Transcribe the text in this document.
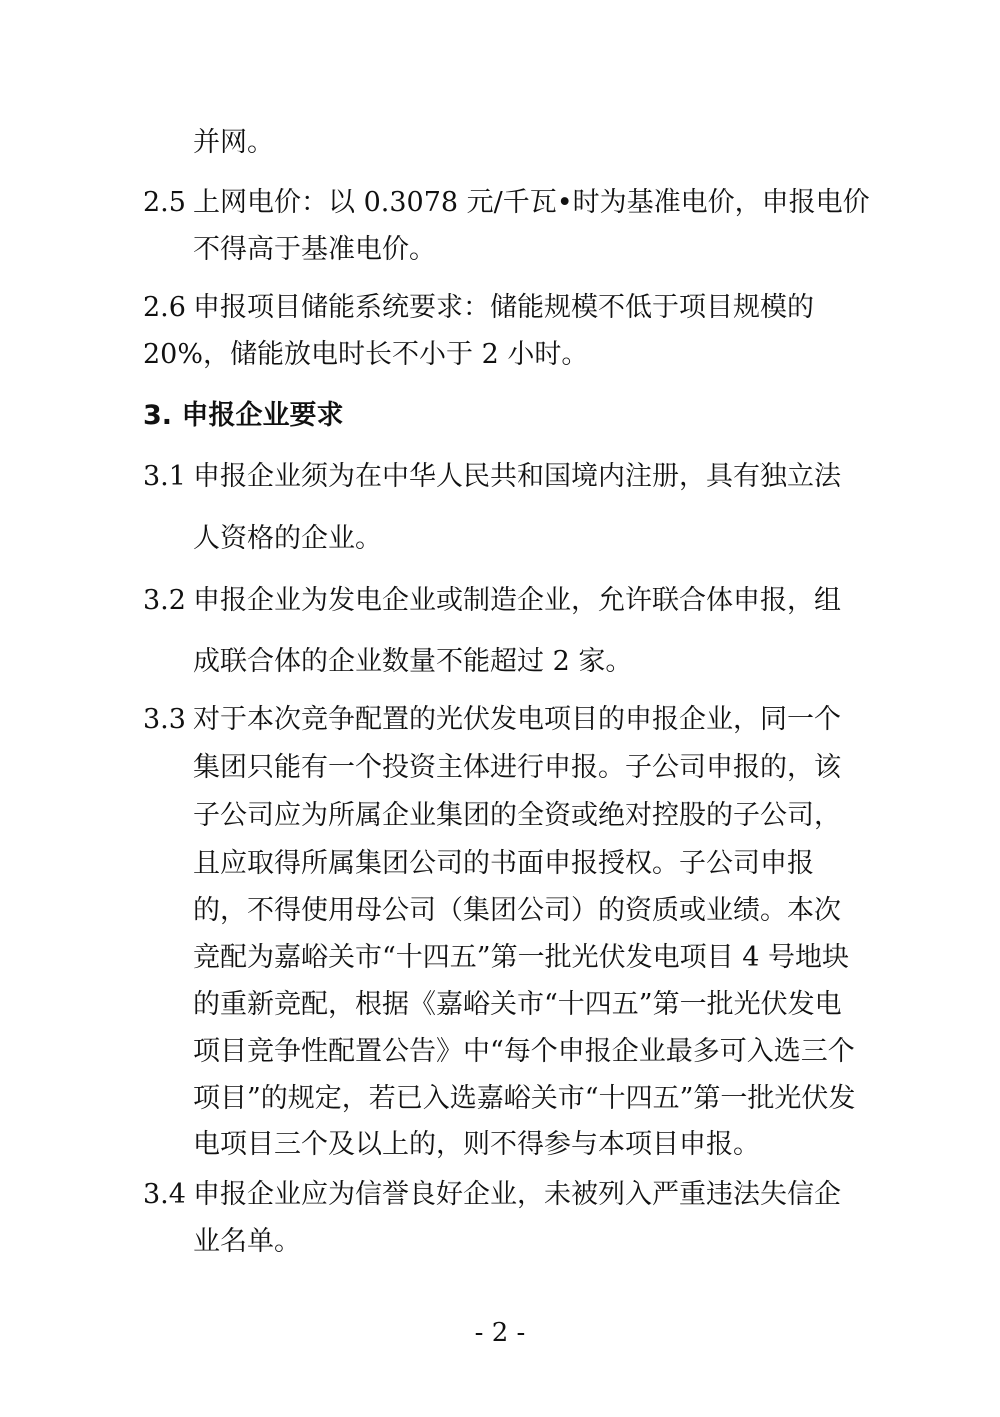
并网。
2.5 上网电价：以 0.3078 元/千瓦•时为基准电价，申报电价
不得高于基准电价。
2.6 申报项目储能系统要求：储能规模不低于项目规模的
20%，储能放电时长不小于 2 小时。
3. 申报企业要求
3.1 申报企业须为在中华人民共和国境内注册，具有独立法
人资格的企业。
3.2 申报企业为发电企业或制造企业，允许联合体申报，组
成联合体的企业数量不能超过 2 家。
3.3 对于本次竞争配置的光伏发电项目的申报企业，同一个
集团只能有一个投资主体进行申报。子公司申报的，该
子公司应为所属企业集团的全资或绝对控股的子公司，
且应取得所属集团公司的书面申报授权。子公司申报
的，不得使用母公司（集团公司）的资质或业绩。本次
竞配为嘉峪关市“十四五”第一批光伏发电项目 4 号地块
的重新竞配，根据《嘉峪关市“十四五”第一批光伏发电
项目竞争性配置公告》中“每个申报企业最多可入选三个
项目”的规定，若已入选嘉峪关市“十四五”第一批光伏发
电项目三个及以上的，则不得参与本项目申报。
3.4 申报企业应为信誉良好企业，未被列入严重违法失信企
业名单。
- 2 -
